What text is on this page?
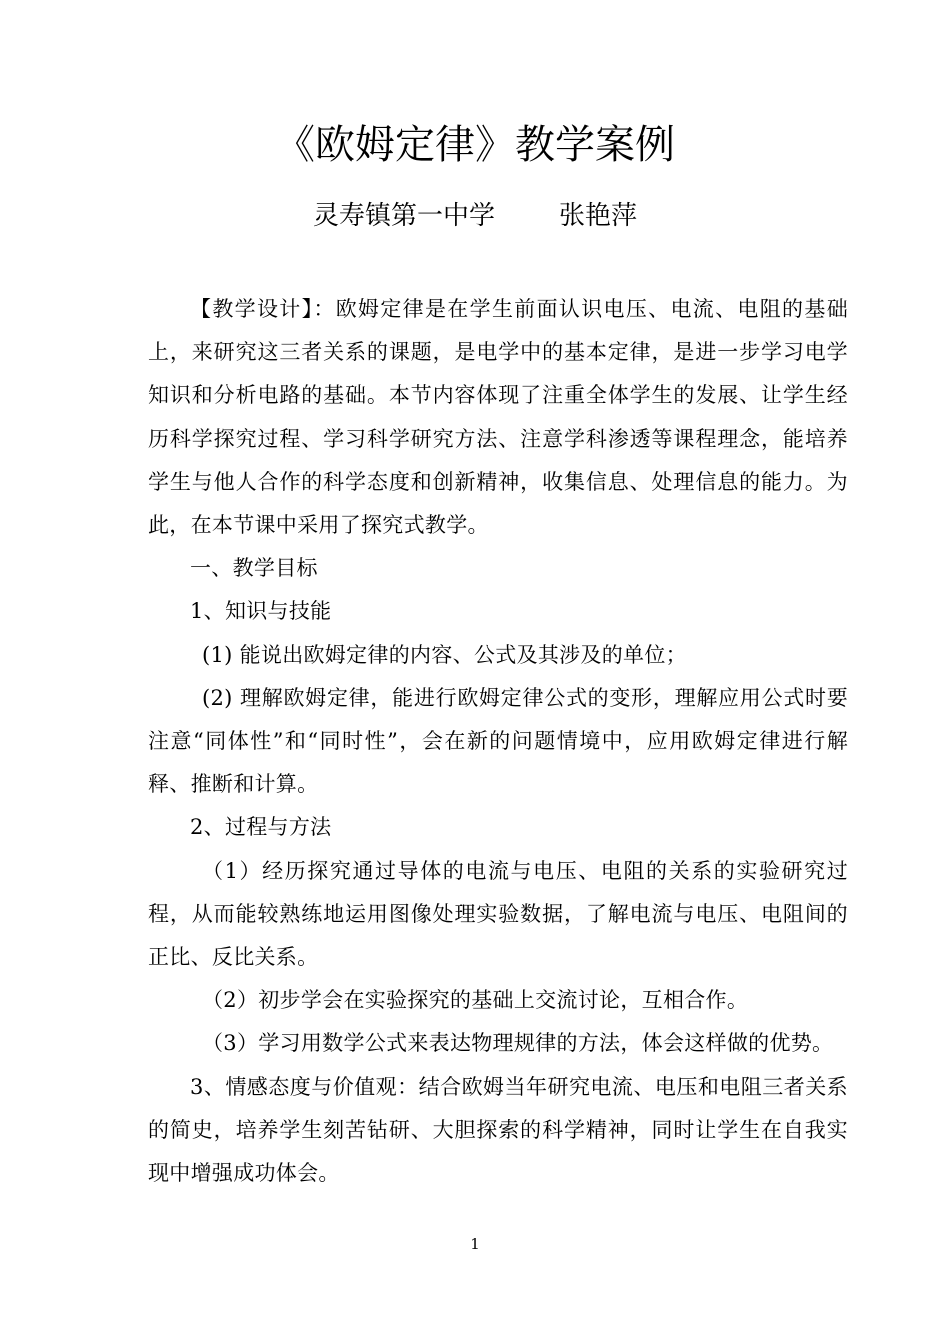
《欧姆定律》教学案例
灵寿镇第一中学 张艳萍

【教学设计】：欧姆定律是在学生前面认识电压、电流、电阻的基础上，来研究这三者关系的课题，是电学中的基本定律，是进一步学习电学知识和分析电路的基础。本节内容体现了注重全体学生的发展、让学生经历科学探究过程、学习科学研究方法、注意学科渗透等课程理念，能培养学生与他人合作的科学态度和创新精神，收集信息、处理信息的能力。为此，在本节课中采用了探究式教学。

一、教学目标

1、知识与技能

(1) 能说出欧姆定律的内容、公式及其涉及的单位；

(2) 理解欧姆定律，能进行欧姆定律公式的变形，理解应用公式时要注意“同体性”和“同时性”，会在新的问题情境中，应用欧姆定律进行解释、推断和计算。

2、过程与方法

（1）经历探究通过导体的电流与电压、电阻的关系的实验研究过程，从而能较熟练地运用图像处理实验数据，了解电流与电压、电阻间的正比、反比关系。

（2）初步学会在实验探究的基础上交流讨论，互相合作。

（3）学习用数学公式来表达物理规律的方法，体会这样做的优势。

3、情感态度与价值观：结合欧姆当年研究电流、电压和电阻三者关系的简史，培养学生刻苦钻研、大胆探索的科学精神，同时让学生在自我实现中增强成功体会。

1
